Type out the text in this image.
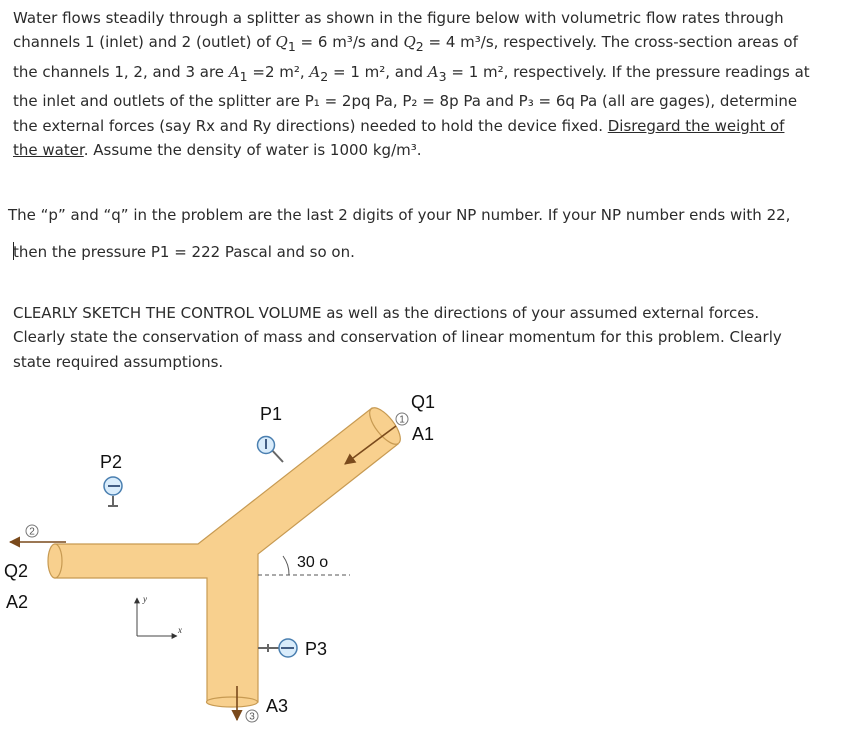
Water flows steadily through a splitter as shown in the figure below with volumetric flow rates through channels 1 (inlet) and 2 (outlet) of $Q_1 = 6$ m³/s and $Q_2 = 4$ m³/s, respectively. The cross-section areas of the channels 1, 2, and 3 are $A_1 =2$ m², $A_2 = 1$ m², and $A_3 = 1$ m², respectively. If the pressure readings at the inlet and outlets of the splitter are P₁ = 2pq Pa, P₂ = 8p Pa and P₃ = 6q Pa (all are gages), determine the external forces (say Rx and Ry directions) needed to hold the device fixed. Disregard the weight of the water. Assume the density of water is 1000 kg/m³.

The “p” and “q” in the problem are the last 2 digits of your NP number. If your NP number ends with 22,

then the pressure P1 = 222 Pascal and so on.

CLEARLY SKETCH THE CONTROL VOLUME as well as the directions of your assumed external forces. Clearly state the conservation of mass and conservation of linear momentum for this problem. Clearly state required assumptions.

30 o
P1
P2
P3
Q1
A1
Q2
A2
A3
1
2
3
y
x
